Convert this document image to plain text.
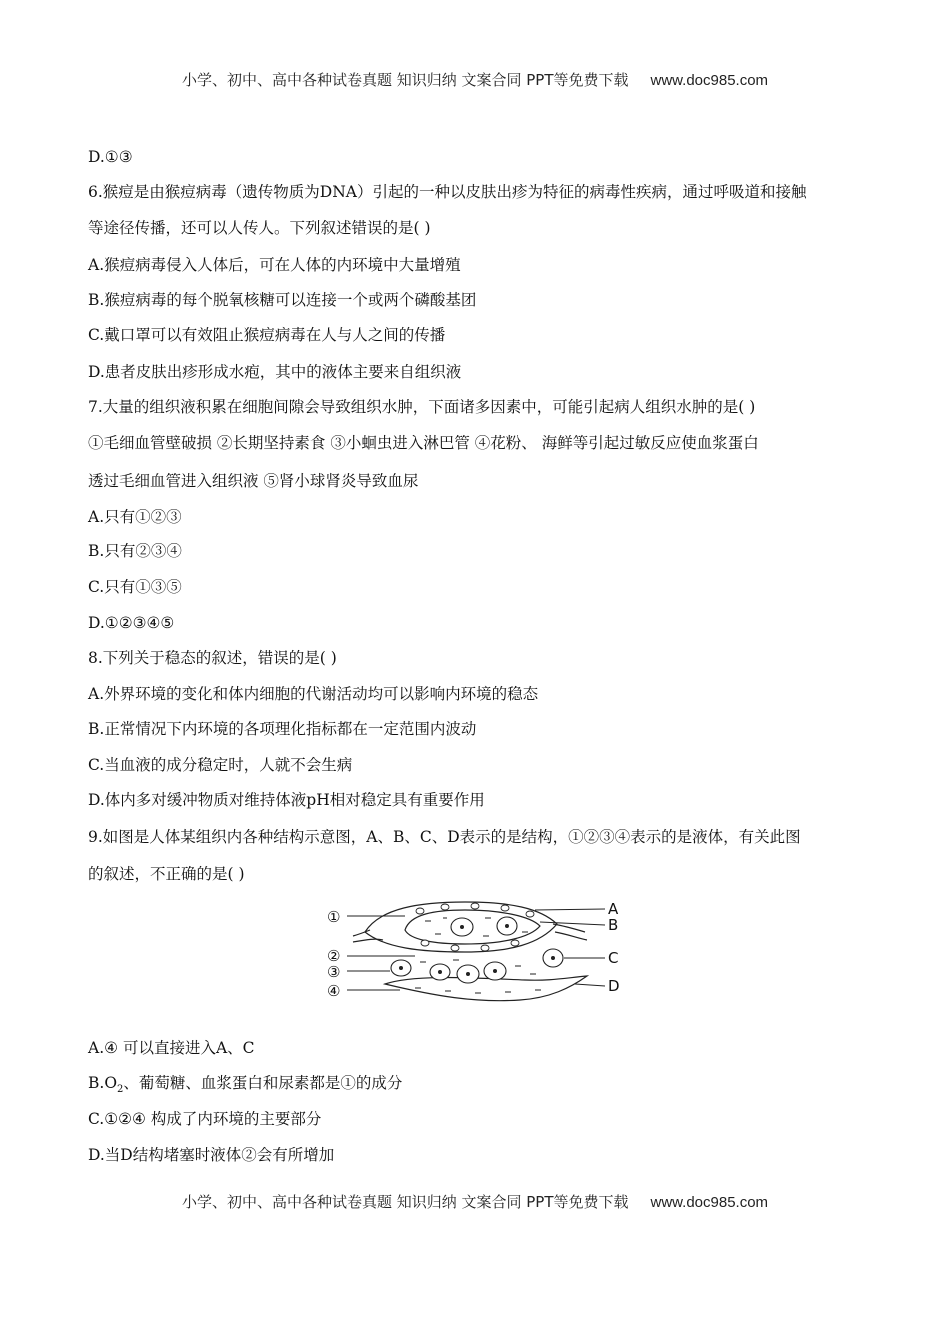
小学、初中、高中各种试卷真题 知识归纳 文案合同 PPT等免费下载 www.doc985.com
D.①③
6.猴痘是由猴痘病毒（遗传物质为DNA）引起的一种以皮肤出疹为特征的病毒性疾病，通过呼吸道和接触
等途径传播，还可以人传人。下列叙述错误的是( )
A.猴痘病毒侵入人体后，可在人体的内环境中大量增殖
B.猴痘病毒的每个脱氧核糖可以连接一个或两个磷酸基团
C.戴口罩可以有效阻止猴痘病毒在人与人之间的传播
D.患者皮肤出疹形成水疱，其中的液体主要来自组织液
7.大量的组织液积累在细胞间隙会导致组织水肿，下面诸多因素中，可能引起病人组织水肿的是( )
①毛细血管壁破损 ②长期坚持素食 ③小蛔虫进入淋巴管 ④花粉、 海鲜等引起过敏反应使血浆蛋白
透过毛细血管进入组织液 ⑤肾小球肾炎导致血尿
A.只有①②③
B.只有②③④
C.只有①③⑤
D.①②③④⑤
8.下列关于稳态的叙述，错误的是( )
A.外界环境的变化和体内细胞的代谢活动均可以影响内环境的稳态
B.正常情况下内环境的各项理化指标都在一定范围内波动
C.当血液的成分稳定时，人就不会生病
D.体内多对缓冲物质对维持体液pH相对稳定具有重要作用
9.如图是人体某组织内各种结构示意图，A、B、C、D表示的是结构，①②③④表示的是液体，有关此图
的叙述，不正确的是( )
①
②
③
④
A
B
C
D
A.④ 可以直接进入A、C
$B.O_2$、葡萄糖、血浆蛋白和尿素都是①的成分
C.①②④ 构成了内环境的主要部分
D.当D结构堵塞时液体②会有所增加
小学、初中、高中各种试卷真题 知识归纳 文案合同 PPT等免费下载 www.doc985.com
